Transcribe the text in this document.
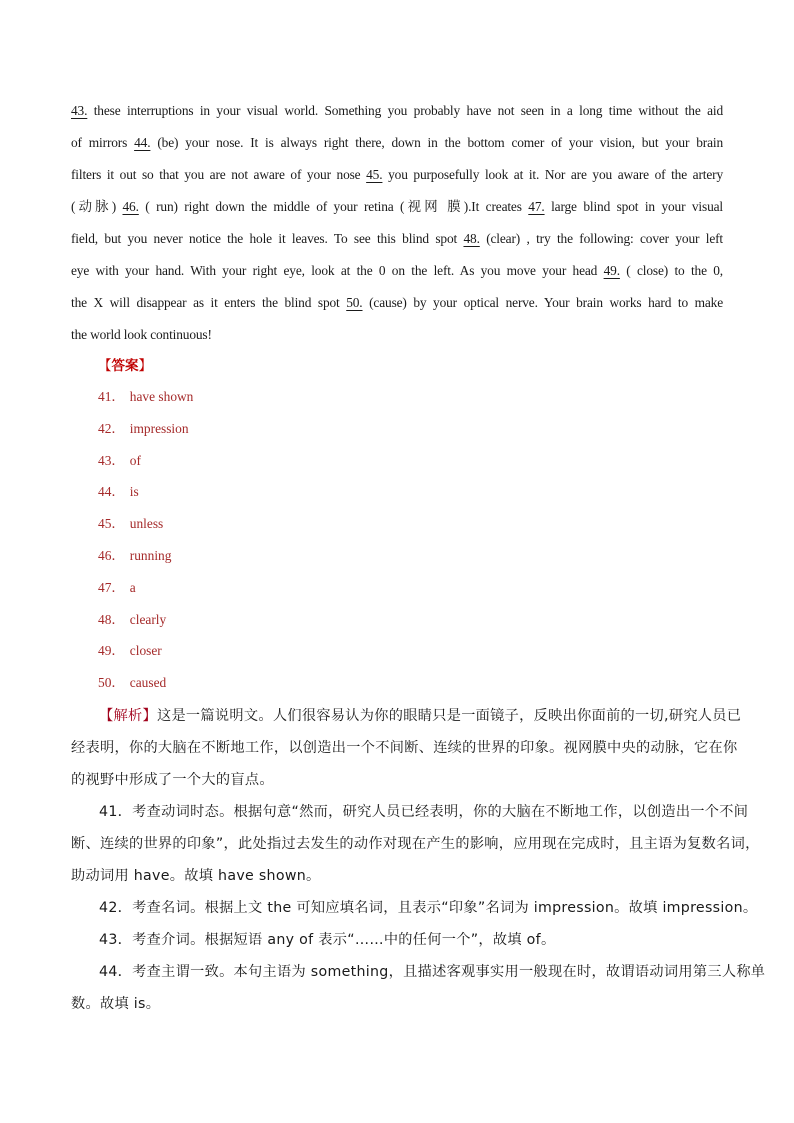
43. these interruptions in your visual world. Something you probably have not seen in a long time without the aid
of mirrors 44. (be) your nose. It is always right there, down in the bottom comer of your vision, but your brain
filters it out so that you are not aware of your nose 45. you purposefully look at it. Nor are you aware of the artery
(动脉) 46. ( run) right down the middle of your retina (视网 膜).It creates 47. large blind spot in your visual
field, but you never notice the hole it leaves. To see this blind spot 48. (clear) , try the following: cover your left
eye with your hand. With your right eye, look at the 0 on the left. As you move your head 49. ( close) to the 0,
the X will disappear as it enters the blind spot 50. (cause) by your optical nerve. Your brain works hard to make
the world look continuous!
【答案】
41． have shown
42． impression
43． of
44． is
45． unless
46． running
47． a
48． clearly
49． closer
50． caused
【解析】这是一篇说明文。人们很容易认为你的眼睛只是一面镜子，反映出你面前的一切,研究人员已
经表明，你的大脑在不断地工作，以创造出一个不间断、连续的世界的印象。视网膜中央的动脉，它在你
的视野中形成了一个大的盲点。
41．考查动词时态。根据句意“然而，研究人员已经表明，你的大脑在不断地工作，以创造出一个不间
断、连续的世界的印象”，此处指过去发生的动作对现在产生的影响，应用现在完成时，且主语为复数名词，
助动词用 have。故填 have shown。
42．考查名词。根据上文 the 可知应填名词，且表示“印象”名词为 impression。故填 impression。
43．考查介词。根据短语 any of 表示“……中的任何一个”，故填 of。
44．考查主谓一致。本句主语为 something，且描述客观事实用一般现在时，故谓语动词用第三人称单
数。故填 is。
